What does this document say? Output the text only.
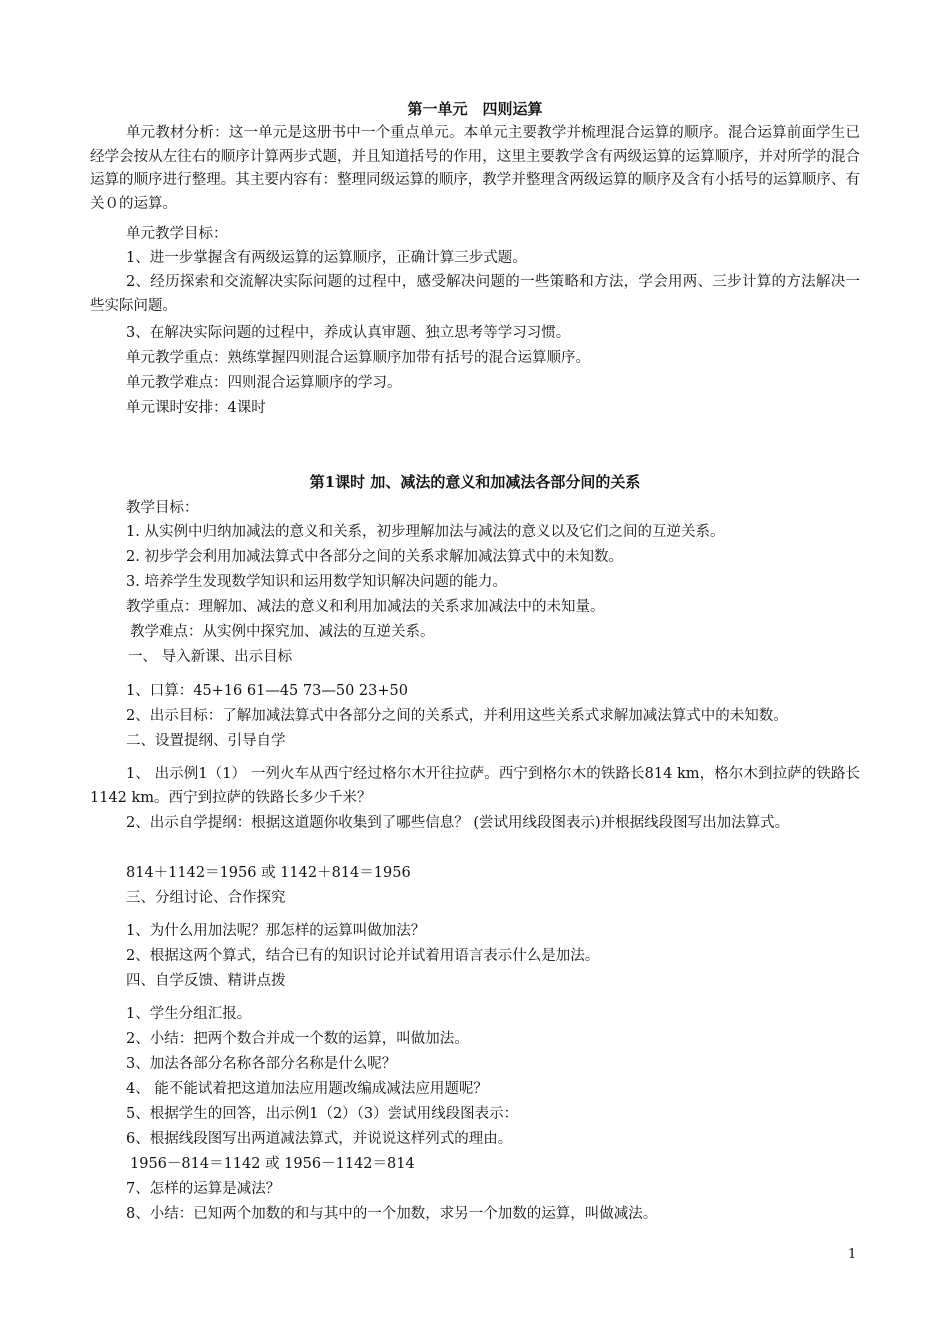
第一单元　四则运算
单元教材分析：这一单元是这册书中一个重点单元。本单元主要教学并梳理混合运算的顺序。混合运算前面学生已经学会按从左往右的顺序计算两步式题，并且知道括号的作用，这里主要教学含有两级运算的运算顺序，并对所学的混合运算的顺序进行整理。其主要内容有：整理同级运算的顺序，教学并整理含两级运算的顺序及含有小括号的运算顺序、有关０的运算。
单元教学目标：
1、进一步掌握含有两级运算的运算顺序，正确计算三步式题。
2、经历探索和交流解决实际问题的过程中，感受解决问题的一些策略和方法，学会用两、三步计算的方法解决一些实际问题。
3、在解决实际问题的过程中，养成认真审题、独立思考等学习习惯。
单元教学重点：熟练掌握四则混合运算顺序加带有括号的混合运算顺序。
单元教学难点：四则混合运算顺序的学习。
单元课时安排：4课时
第1课时 加、减法的意义和加减法各部分间的关系
教学目标：
1. 从实例中归纳加减法的意义和关系，初步理解加法与减法的意义以及它们之间的互逆关系。
2. 初步学会利用加减法算式中各部分之间的关系求解加减法算式中的未知数。
3. 培养学生发现数学知识和运用数学知识解决问题的能力。
教学重点：理解加、减法的意义和利用加减法的关系求加减法中的未知量。
教学难点：从实例中探究加、减法的互逆关系。
一、 导入新课、出示目标
1、口算：45+16 61—45 73—50 23+50
2、出示目标：了解加减法算式中各部分之间的关系式，并利用这些关系式求解加减法算式中的未知数。
二、设置提纲、引导自学
1、 出示例1（1） 一列火车从西宁经过格尔木开往拉萨。西宁到格尔木的铁路长814 km，格尔木到拉萨的铁路长1142 km。西宁到拉萨的铁路长多少千米？
2、出示自学提纲：根据这道题你收集到了哪些信息？ (尝试用线段图表示)并根据线段图写出加法算式。
814＋1142＝1956 或 1142＋814＝1956
三、分组讨论、合作探究
1、为什么用加法呢？那怎样的运算叫做加法？
2、根据这两个算式，结合已有的知识讨论并试着用语言表示什么是加法。
四、自学反馈、精讲点拨
1、学生分组汇报。
2、小结：把两个数合并成一个数的运算，叫做加法。
3、加法各部分名称各部分名称是什么呢？
4、 能不能试着把这道加法应用题改编成减法应用题呢？
5、根据学生的回答，出示例1（2）（3）尝试用线段图表示：
6、根据线段图写出两道减法算式，并说说这样列式的理由。
1956－814＝1142 或 1956－1142＝814
7、怎样的运算是减法？
8、小结：已知两个加数的和与其中的一个加数，求另一个加数的运算，叫做减法。
1
